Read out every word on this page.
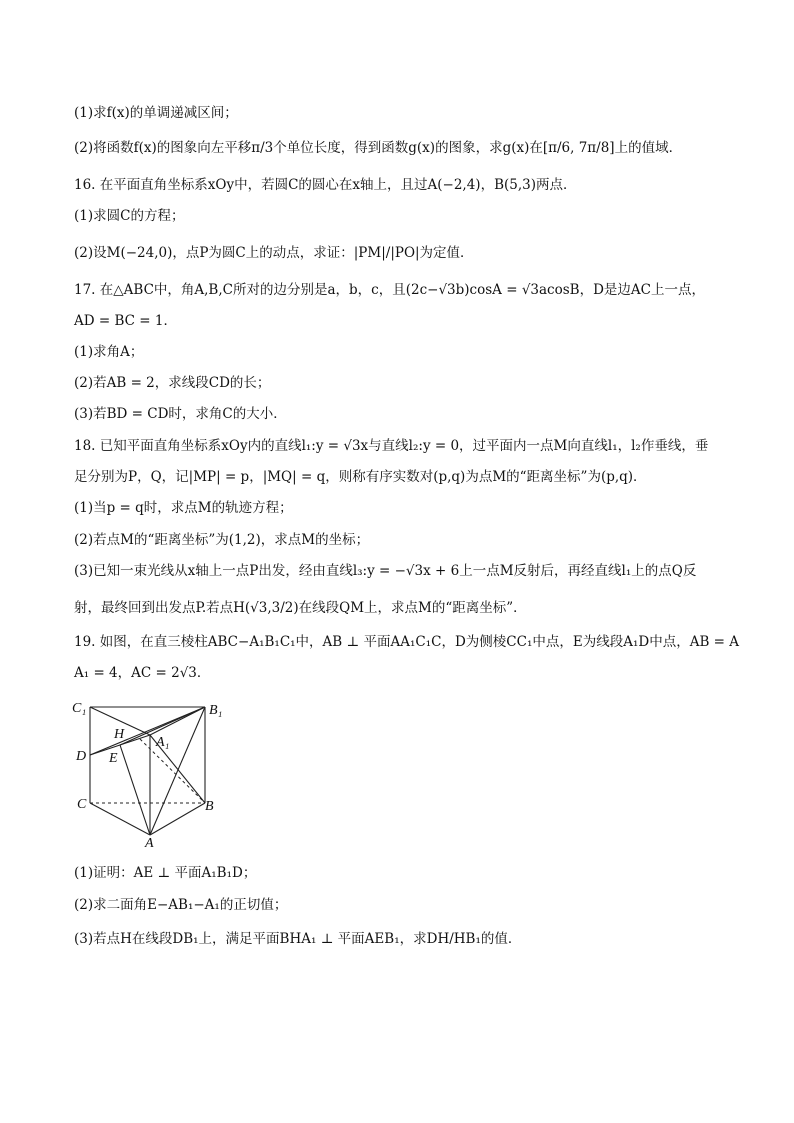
(1)求f(x)的单调递减区间；
(2)将函数f(x)的图象向左平移π/3个单位长度，得到函数g(x)的图象，求g(x)在[π/6, 7π/8]上的值域．
16. 在平面直角坐标系xOy中，若圆C的圆心在x轴上，且过A(−2,4)，B(5,3)两点．
(1)求圆C的方程；
(2)设M(−24,0)，点P为圆C上的动点，求证：|PM|/|PO|为定值．
17. 在△ABC中，角A,B,C所对的边分别是a，b，c，且(2c−√3b)cosA = √3acosB，D是边AC上一点，
AD = BC = 1．
(1)求角A；
(2)若AB = 2，求线段CD的长；
(3)若BD = CD时，求角C的大小．
18. 已知平面直角坐标系xOy内的直线l₁:y = √3x与直线l₂:y = 0，过平面内一点M向直线l₁，l₂作垂线，垂
足分别为P，Q，记|MP| = p，|MQ| = q，则称有序实数对(p,q)为点M的“距离坐标”为(p,q)．
(1)当p = q时，求点M的轨迹方程；
(2)若点M的“距离坐标”为(1,2)，求点M的坐标；
(3)已知一束光线从x轴上一点P出发，经由直线l₃:y = −√3x + 6上一点M反射后，再经直线l₁上的点Q反
射，最终回到出发点P.若点H(√3,3/2)在线段QM上，求点M的“距离坐标”．
19. 如图，在直三棱柱ABC−A₁B₁C₁中，AB ⊥ 平面AA₁C₁C，D为侧棱CC₁中点，E为线段A₁D中点，AB = A
A₁ = 4，AC = 2√3．
(1)证明：AE ⊥ 平面A₁B₁D；
(2)求二面角E−AB₁−A₁的正切值；
(3)若点H在线段DB₁上，满足平面BHA₁ ⊥ 平面AEB₁，求DH/HB₁的值．
C₁	B₁
H
A₁
D E
C	B
A
